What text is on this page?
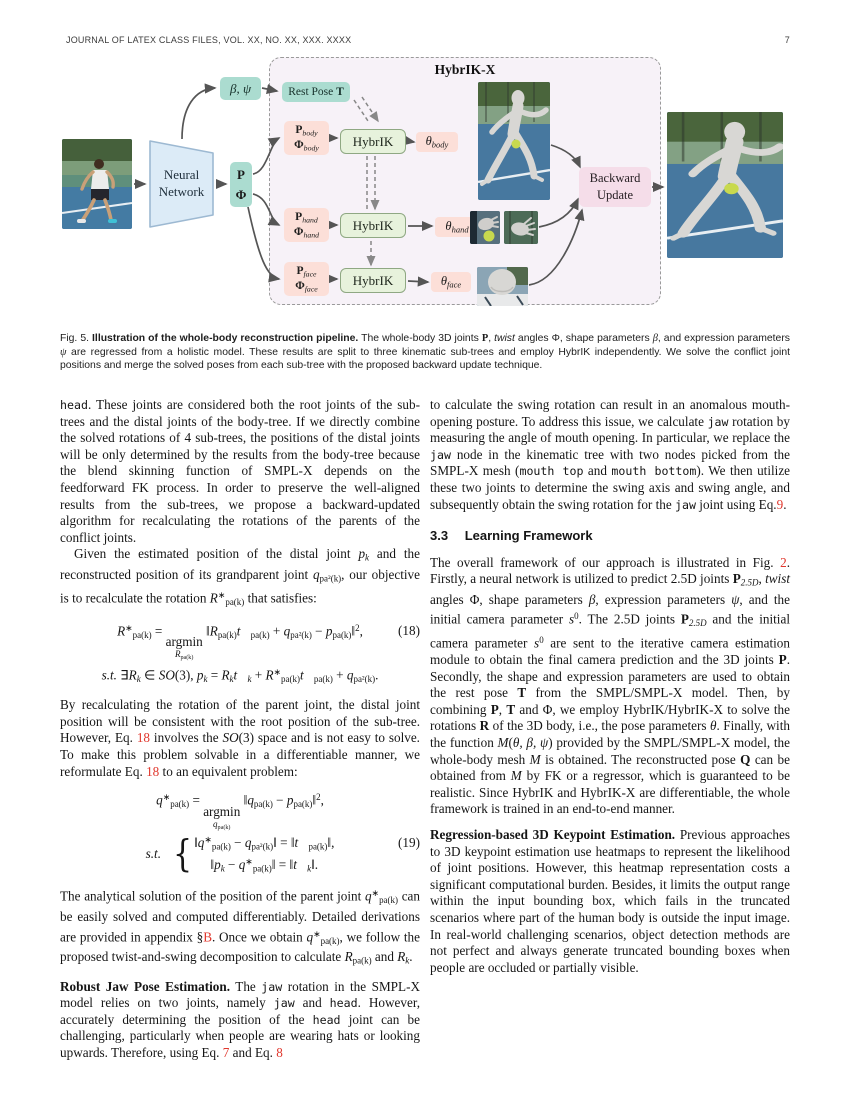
JOURNAL OF LATEX CLASS FILES, VOL. XX, NO. XX, XXX. XXXX	7
HybrIK-X
Neural
Network
β, ψ
P
Φ
Rest Pose T
$P_{body}$
$\Phi_{body}$	HybrIK	$\theta_{body}$
$P_{hand}$
$\Phi_{hand}$
HybrIK	$\theta_{hand}$
$P_{face}$
$\Phi_{face}$
HybrIK	$\theta_{face}$
Backward
Update
Fig. 5. Illustration of the whole-body reconstruction pipeline. The whole-body 3D joints P, twist angles Φ, shape parameters β, and expression parameters ψ are regressed from a holistic model. These results are split to three kinematic sub-trees and employ HybrIK independently. We solve the conflict joint positions and merge the solved poses from each sub-tree with the proposed backward update technique.

head. These joints are considered both the root joints of the sub-trees and the distal joints of the body-tree. If we directly combine the solved rotations of 4 sub-trees, the positions of the distal joints will be only determined by the results from the body-tree because the blend skinning function of SMPL-X depends on the feedforward FK process. In order to preserve the well-aligned results from the sub-trees, we propose a backward-updated algorithm for recalculating the rotations of the parents of the conflict joints.

Given the estimated position of the distal joint $p_k$ and the reconstructed position of its grandparent joint $q_{pa^2(k)}$, our objective is to recalculate the rotation $R^∗_{pa(k)}$ that satisfies:

(18)
$R^∗_{pa(k)}$ =
argmin
$R_{pa(k)}$
$‖R_{pa(k)}t⃗_{pa(k)} + q_{pa^2(k)}$ − $p_{pa(k)}‖^2$,
s.t. $\exists R_k$ ∈ SO(3), $p_k$ = $R_kt⃗_k$ + $R^∗_{pa(k)}t⃗_{pa(k)} + q_{pa^2(k)}$.

By recalculating the rotation of the parent joint, the distal joint position will be consistent with the root position of the sub-tree. However, Eq. 18 involves the SO(3) space and is not easy to solve. To make this problem solvable in a differentiable manner, we reformulate Eq. 18 to an equivalent problem:

$q^∗_{pa(k)}$ =
argmin
$q_{pa(k)}$
$‖q_{pa(k)}$ − $p_{pa(k)}‖^2$,
s.t. { $‖q^∗_{pa(k)}$ − $q_{pa^2(k)}‖$ = $‖t⃗_{pa(k)}‖$,
$‖p_k$ − $q^∗_{pa(k)}‖$ = $‖t⃗_k‖$.
(19)

The analytical solution of the position of the parent joint $q^∗_{pa(k)}$ can be easily solved and computed differentiably. Detailed derivations are provided in appendix §B. Once we obtain $q^∗_{pa(k)}$, we follow the proposed twist-and-swing decomposition to calculate $R_{pa(k)}$ and $R_k$.

Robust Jaw Pose Estimation. The jaw rotation in the SMPL-X model relies on two joints, namely jaw and head. However, accurately determining the position of the head joint can be challenging, particularly when people are wearing hats or looking upwards. Therefore, using Eq. 7 and Eq. 8

to calculate the swing rotation can result in an anomalous mouth-opening posture. To address this issue, we calculate jaw rotation by measuring the angle of mouth opening. In particular, we replace the jaw node in the kinematic tree with two nodes picked from the SMPL-X mesh (mouth top and mouth bottom). We then utilize these two joints to determine the swing axis and swing angle, and subsequently obtain the swing rotation for the jaw joint using Eq.9.

3.3 Learning Framework

The overall framework of our approach is illustrated in Fig. 2. Firstly, a neural network is utilized to predict 2.5D joints $P_{2.5D}$, twist angles Φ, shape parameters β, expression parameters ψ, and the initial camera parameter $s^0$. The 2.5D joints $P_{2.5D}$ and the initial camera parameter $s^0$ are sent to the iterative camera estimation module to obtain the final camera prediction and the 3D joints P. Secondly, the shape and expression parameters are used to obtain the rest pose T from the SMPL/SMPL-X model. Then, by combining P, T and Φ, we employ HybrIK/HybrIK-X to solve the rotations R of the 3D body, i.e., the pose parameters θ. Finally, with the function M(θ, β, ψ) provided by the SMPL/SMPL-X model, the whole-body mesh M is obtained. The reconstructed pose Q can be obtained from M by FK or a regressor, which is guaranteed to be realistic. Since HybrIK and HybrIK-X are differentiable, the whole framework is trained in an end-to-end manner.

Regression-based 3D Keypoint Estimation. Previous approaches to 3D keypoint estimation use heatmaps to represent the likelihood of joint positions. However, this heatmap representation costs a significant computational burden. Besides, it limits the output range within the input bounding box, which fails in the truncated scenarios where part of the human body is outside the input image. In real-world challenging scenarios, object detection methods are not perfect and always generate truncated bounding boxes when people are occluded or partially visible.
